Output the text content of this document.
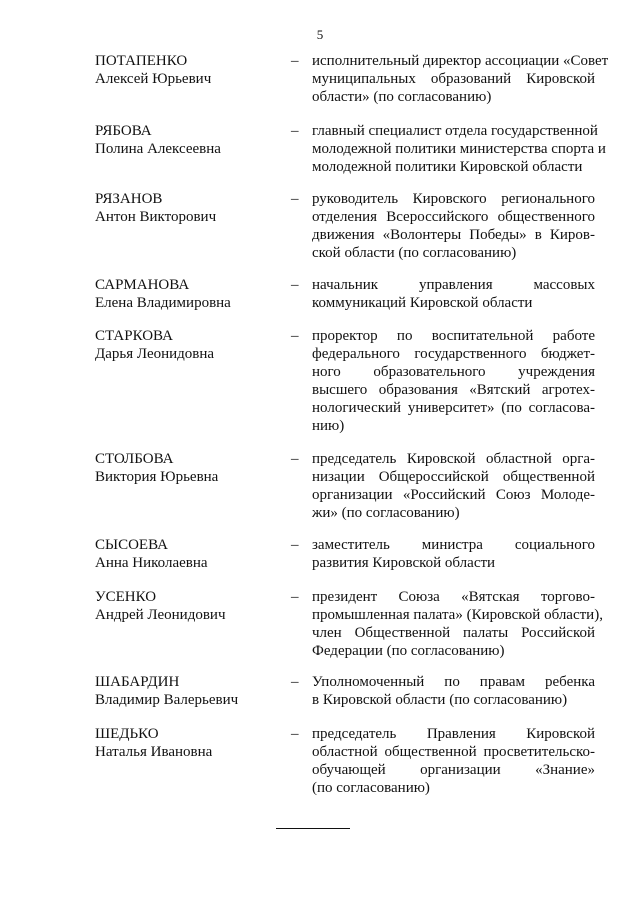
5
ПОТАПЕНКО
Алексей Юрьевич
– исполнительный директор ассоциации «Совет
муниципальных образований Кировской
области» (по согласованию)
РЯБОВА
Полина Алексеевна
– главный специалист отдела государственной
молодежной политики министерства спорта и
молодежной политики Кировской области
РЯЗАНОВ
Антон Викторович
– руководитель Кировского регионального
отделения Всероссийского общественного
движения «Волонтеры Победы» в Киров-
ской области (по согласованию)
САРМАНОВА
Елена Владимировна
– начальник управления массовых
коммуникаций Кировской области
СТАРКОВА
Дарья Леонидовна
– проректор по воспитательной работе
федерального государственного бюджет-
ного образовательного учреждения
высшего образования «Вятский агротех-
нологический университет» (по согласова-
нию)
СТОЛБОВА
Виктория Юрьевна
– председатель Кировской областной орга-
низации Общероссийской общественной
организации «Российский Союз Молоде-
жи» (по согласованию)
СЫСОЕВА
Анна Николаевна
– заместитель министра социального
развития Кировской области
УСЕНКО
Андрей Леонидович
– президент Союза «Вятская торгово-
промышленная палата» (Кировской области),
член Общественной палаты Российской
Федерации (по согласованию)
ШАБАРДИН
Владимир Валерьевич
– Уполномоченный по правам ребенка
в Кировской области (по согласованию)
ШЕДЬКО
Наталья Ивановна
– председатель Правления Кировской
областной общественной просветительско-
обучающей организации «Знание»
(по согласованию)
